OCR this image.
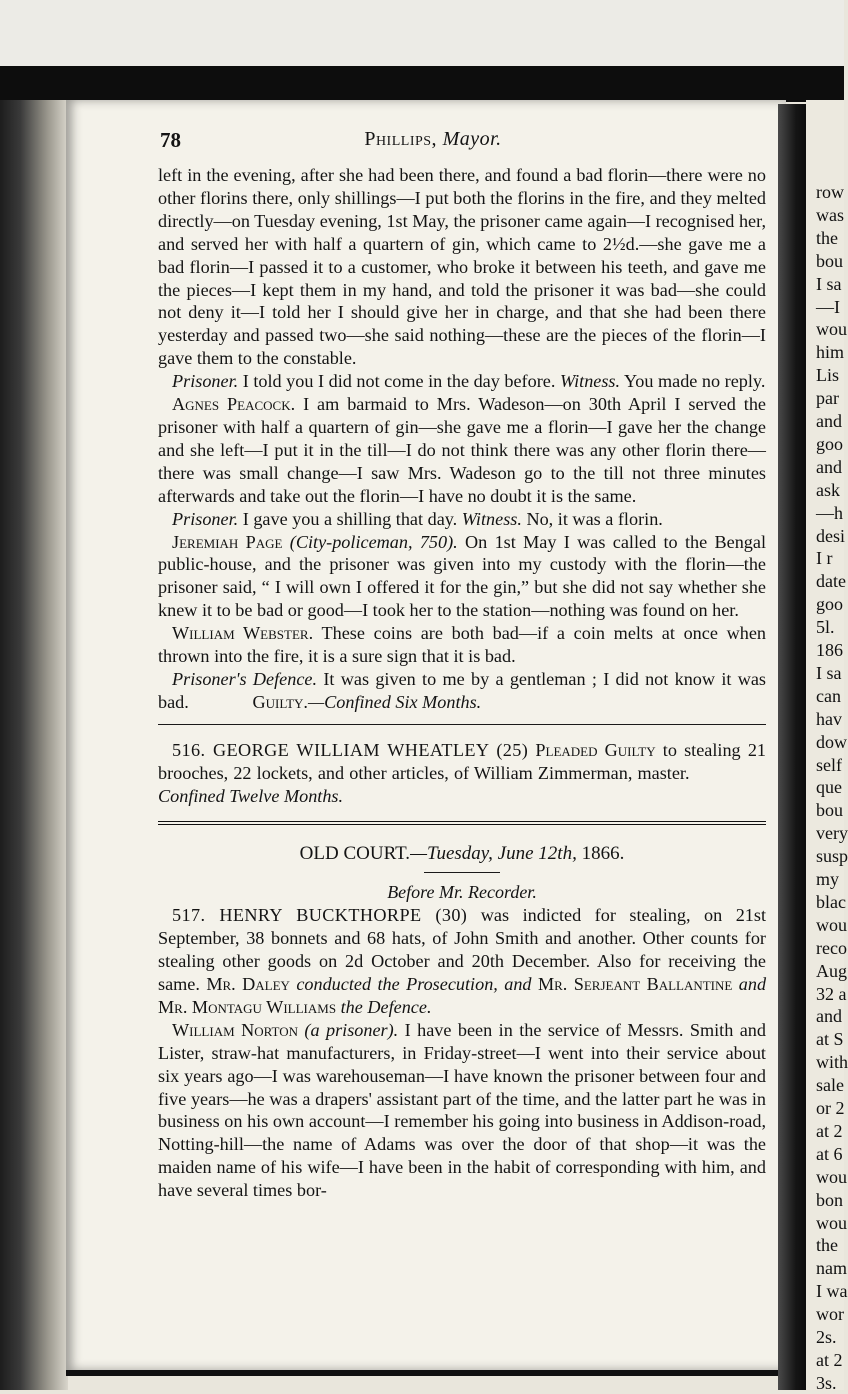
row
was
the
bou
I sa
—I
wou
him
Lis
par
and
goo
and
ask
—h
desi
I r
date
goo
5l.
186
I sa
can
hav
dow
self
que
bou
very
susp
my
blac
wou
reco
Aug
32 a
and
at S
with
sale
or 2
at 2
at 6
wou
bon
wou
the
nam
I wa
wor
2s.
at 2
3s.
78	Phillips, Mayor.

left in the evening, after she had been there, and found a bad florin—there were no other florins there, only shillings—I put both the florins in the fire, and they melted directly—on Tuesday evening, 1st May, the prisoner came again—I recognised her, and served her with half a quartern of gin, which came to 2½d.—she gave me a bad florin—I passed it to a customer, who broke it between his teeth, and gave me the pieces—I kept them in my hand, and told the prisoner it was bad—she could not deny it—I told her I should give her in charge, and that she had been there yesterday and passed two—she said nothing—these are the pieces of the florin—I gave them to the constable.

Prisoner. I told you I did not come in the day before. Witness. You made no reply.

Agnes Peacock. I am barmaid to Mrs. Wadeson—on 30th April I served the prisoner with half a quartern of gin—she gave me a florin—I gave her the change and she left—I put it in the till—I do not think there was any other florin there—there was small change—I saw Mrs. Wadeson go to the till not three minutes afterwards and take out the florin—I have no doubt it is the same.

Prisoner. I gave you a shilling that day. Witness. No, it was a florin.

Jeremiah Page (City-policeman, 750). On 1st May I was called to the Bengal public-house, and the prisoner was given into my custody with the florin—the prisoner said, “ I will own I offered it for the gin,” but she did not say whether she knew it to be bad or good—I took her to the station—nothing was found on her.

William Webster. These coins are both bad—if a coin melts at once when thrown into the fire, it is a sure sign that it is bad.

Prisoner's Defence. It was given to me by a gentleman ; I did not know it was bad.	Guilty.—Confined Six Months.

516. GEORGE WILLIAM WHEATLEY (25) Pleaded Guilty to stealing 21 brooches, 22 lockets, and other articles, of William Zimmerman, master.                Confined Twelve Months.

OLD COURT.—Tuesday, June 12th, 1866.

Before Mr. Recorder.

517. HENRY BUCKTHORPE (30) was indicted for stealing, on 21st September, 38 bonnets and 68 hats, of John Smith and another. Other counts for stealing other goods on 2d October and 20th December. Also for receiving the same. Mr. Daley conducted the Prosecution, and Mr. Serjeant Ballantine and Mr. Montagu Williams the Defence.

William Norton (a prisoner). I have been in the service of Messrs. Smith and Lister, straw-hat manufacturers, in Friday-street—I went into their service about six years ago—I was warehouseman—I have known the prisoner between four and five years—he was a drapers' assistant part of the time, and the latter part he was in business on his own account—I remember his going into business in Addison-road, Notting-hill—the name of Adams was over the door of that shop—it was the maiden name of his wife—I have been in the habit of corresponding with him, and have several times bor-
